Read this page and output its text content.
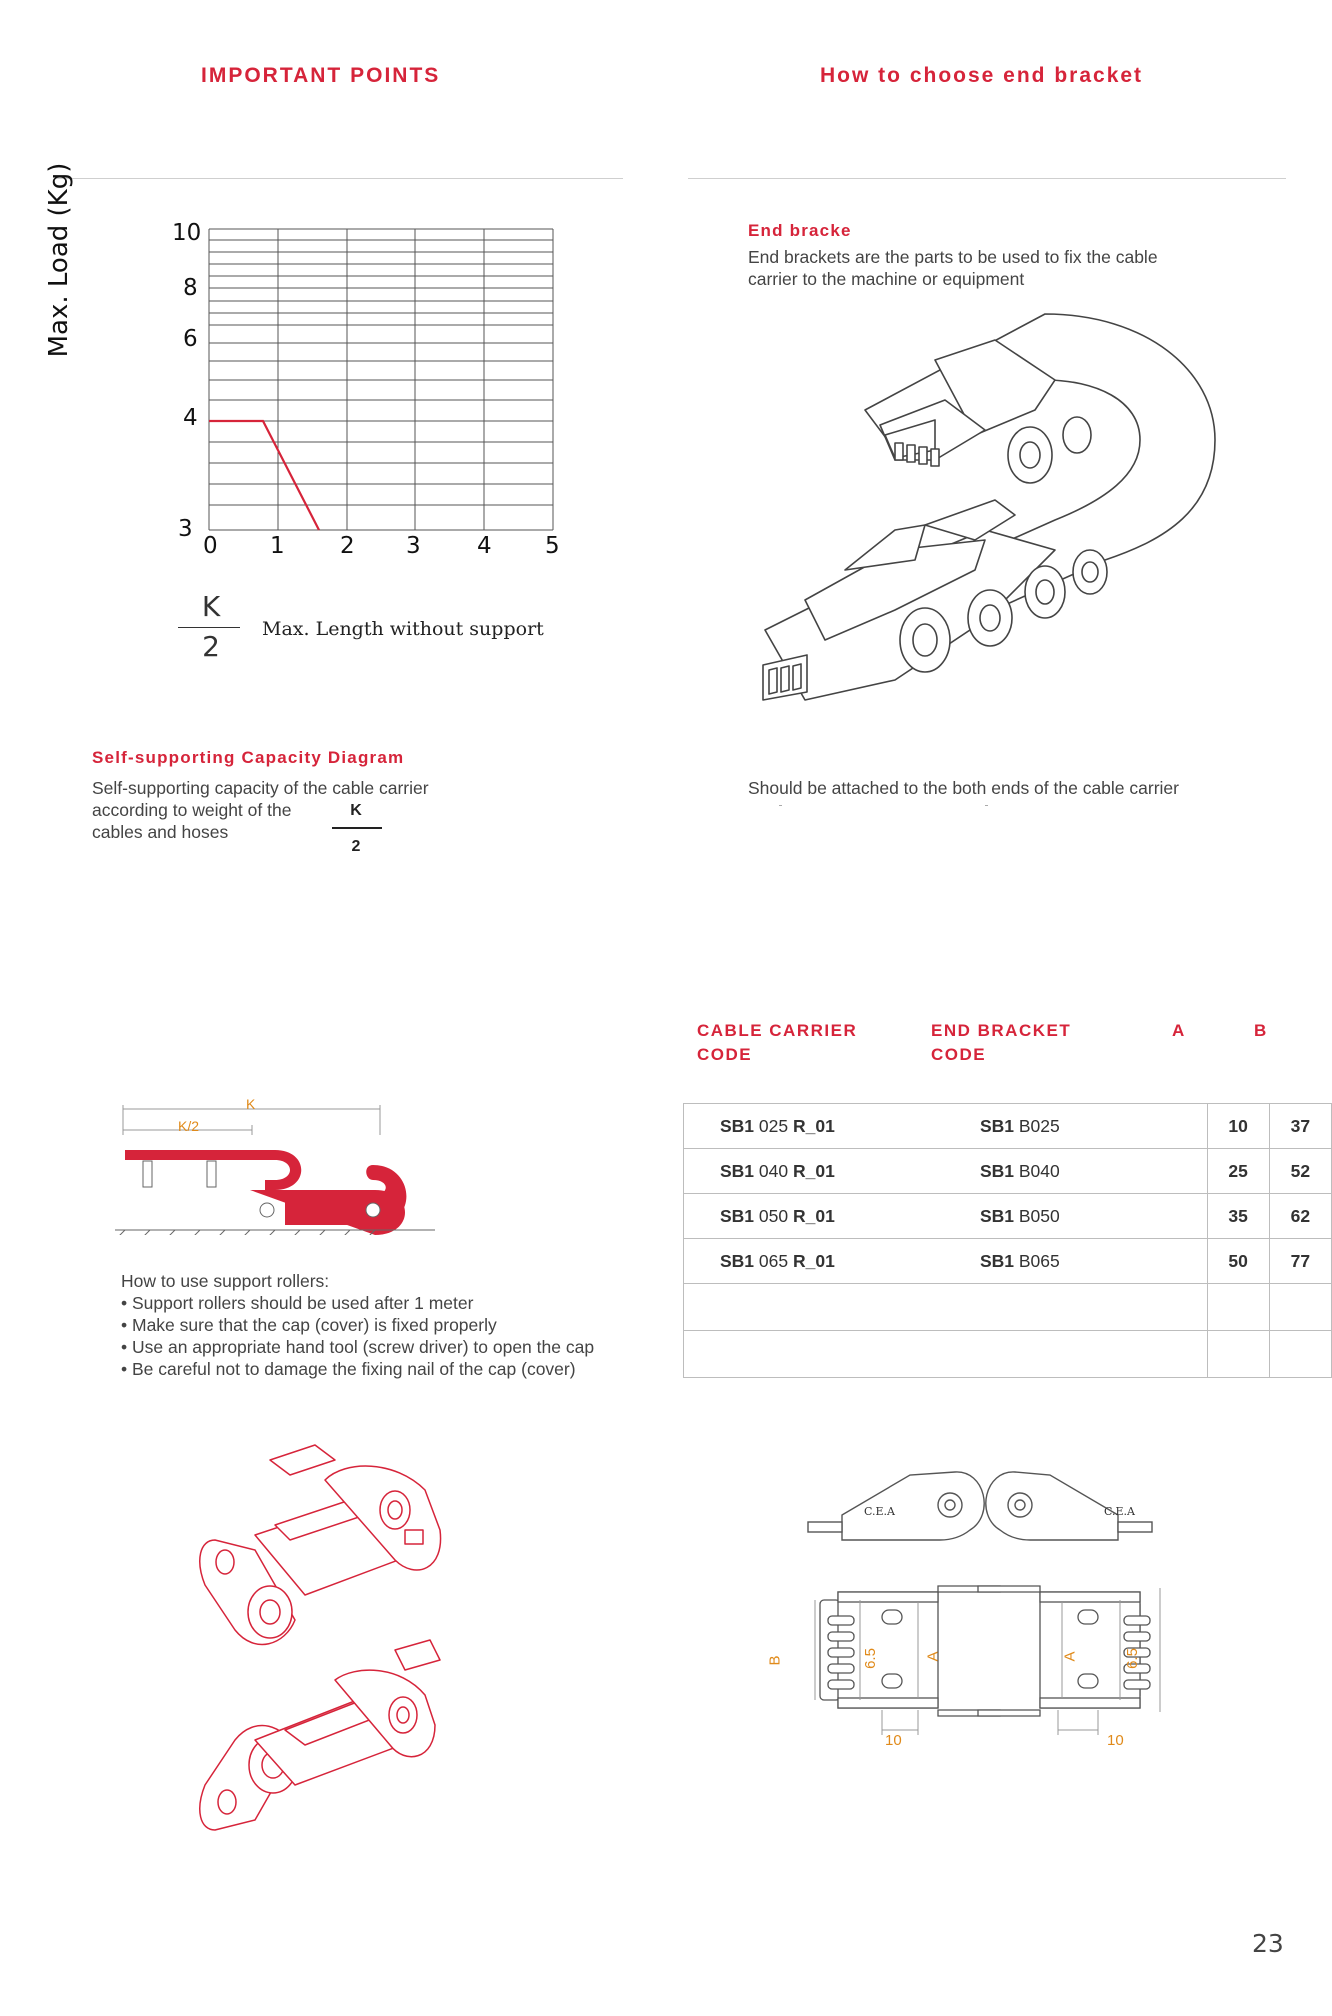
IMPORTANT POINTS	How to choose end bracket
Max. Load (Kg)	10
8
6
4
3
0 1 2 3 4 5
K
2
Max. Length without support
Self-supporting Capacity Diagram
Self-supporting capacity of the cable carrier
according to weight of the
cables and hoses
K
2
End bracke
End brackets are the parts to be used to fix the cable
carrier to the machine or equipment
Should be attached to the both ends of the cable carrier
K
K/2
How to use support rollers:
• Support rollers should be used after 1 meter
• Make sure that the cap (cover) is fixed properly
• Use an appropriate hand tool (screw driver) to open the cap
• Be careful not to damage the fixing nail of the cap (cover)
CABLE CARRIER
CODE
END BRACKET
CODE
A	B
SB1 025 R_01	SB1 B025	10	37
SB1 040 R_01	SB1 B040	25	52
SB1 050 R_01	SB1 B050	35	62
SB1 065 R_01	SB1 B065	50	77

C.E.A	C.E.A
B	6.5	A	A	6.5
10	10
23
